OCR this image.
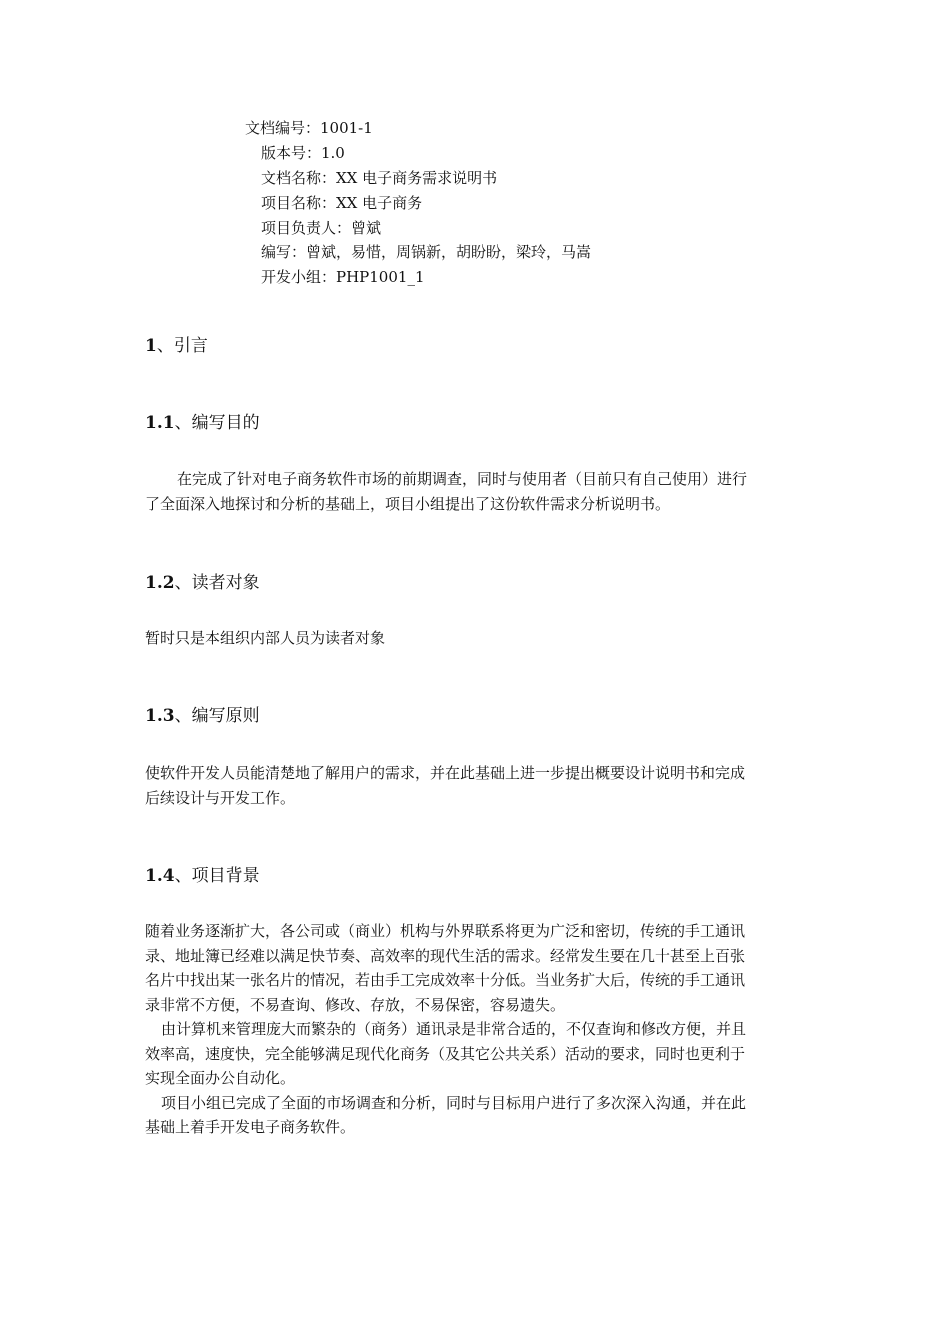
文档编号：1001-1
版本号：1.0
文档名称：XX 电子商务需求说明书
项目名称：XX 电子商务
项目负责人：曾斌
编写：曾斌，易惜，周锅新，胡盼盼，梁玲，马嵩
开发小组：PHP1001_1
1、引言
1.1、编写目的
在完成了针对电子商务软件市场的前期调查，同时与使用者（目前只有自己使用）进行
了全面深入地探讨和分析的基础上，项目小组提出了这份软件需求分析说明书。
1.2、读者对象
暂时只是本组织内部人员为读者对象
1.3、编写原则
使软件开发人员能清楚地了解用户的需求，并在此基础上进一步提出概要设计说明书和完成
后续设计与开发工作。
1.4、项目背景
随着业务逐渐扩大，各公司或（商业）机构与外界联系将更为广泛和密切，传统的手工通讯
录、地址簿已经难以满足快节奏、高效率的现代生活的需求。经常发生要在几十甚至上百张
名片中找出某一张名片的情况，若由手工完成效率十分低。当业务扩大后，传统的手工通讯
录非常不方便，不易查询、修改、存放，不易保密，容易遗失。
由计算机来管理庞大而繁杂的（商务）通讯录是非常合适的，不仅查询和修改方便，并且
效率高，速度快，完全能够满足现代化商务（及其它公共关系）活动的要求，同时也更利于
实现全面办公自动化。
项目小组已完成了全面的市场调查和分析，同时与目标用户进行了多次深入沟通，并在此
基础上着手开发电子商务软件。
